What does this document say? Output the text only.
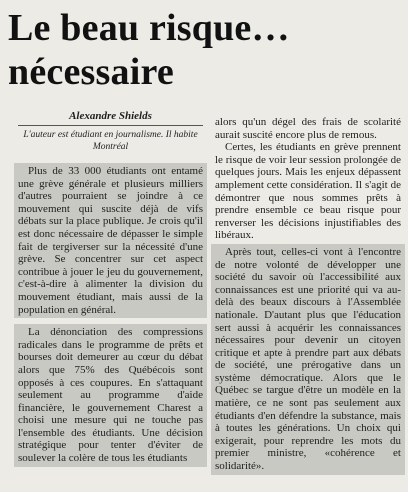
Le beau risque…
nécessaire
Alexandre Shields
L'auteur est étudiant en journalisme. Il habite Montréal

Plus de 33 000 étudiants ont entamé une grève générale et plusieurs milliers d'autres pourraient se joindre à ce mouvement qui suscite déjà de vifs débats sur la place publique. Je crois qu'il est donc nécessaire de dépasser le simple fait de tergiverser sur la nécessité d'une grève. Se concentrer sur cet aspect contribue à jouer le jeu du gouvernement, c'est-à-dire à alimenter la division du mouvement étudiant, mais aussi de la population en général.

La dénonciation des compressions radicales dans le programme de prêts et bourses doit demeurer au cœur du débat alors que 75% des Québécois sont opposés à ces coupures. En s'attaquant seulement au programme d'aide financière, le gouvernement Charest a choisi une mesure qui ne touche pas l'ensemble des étudiants. Une décision stratégique pour tenter d'éviter de soulever la colère de tous les étudiants

alors qu'un dégel des frais de scolarité aurait suscité encore plus de remous.

Certes, les étudiants en grève prennent le risque de voir leur session prolongée de quelques jours. Mais les enjeux dépassent amplement cette considération. Il s'agit de démontrer que nous sommes prêts à prendre ensemble ce beau risque pour renverser les décisions injustifiables des libéraux.

Après tout, celles-ci vont à l'encontre de notre volonté de développer une société du savoir où l'accessibilité aux connaissances est une priorité qui va au-delà des beaux discours à l'Assemblée nationale. D'autant plus que l'éducation sert aussi à acquérir les connaissances nécessaires pour devenir un citoyen critique et apte à prendre part aux débats de société, une prérogative dans un système démocratique. Alors que le Québec se targue d'être un modèle en la matière, ce ne sont pas seulement aux étudiants d'en défendre la substance, mais à toutes les générations. Un choix qui exigerait, pour reprendre les mots du premier ministre, «cohérence et solidarité».
